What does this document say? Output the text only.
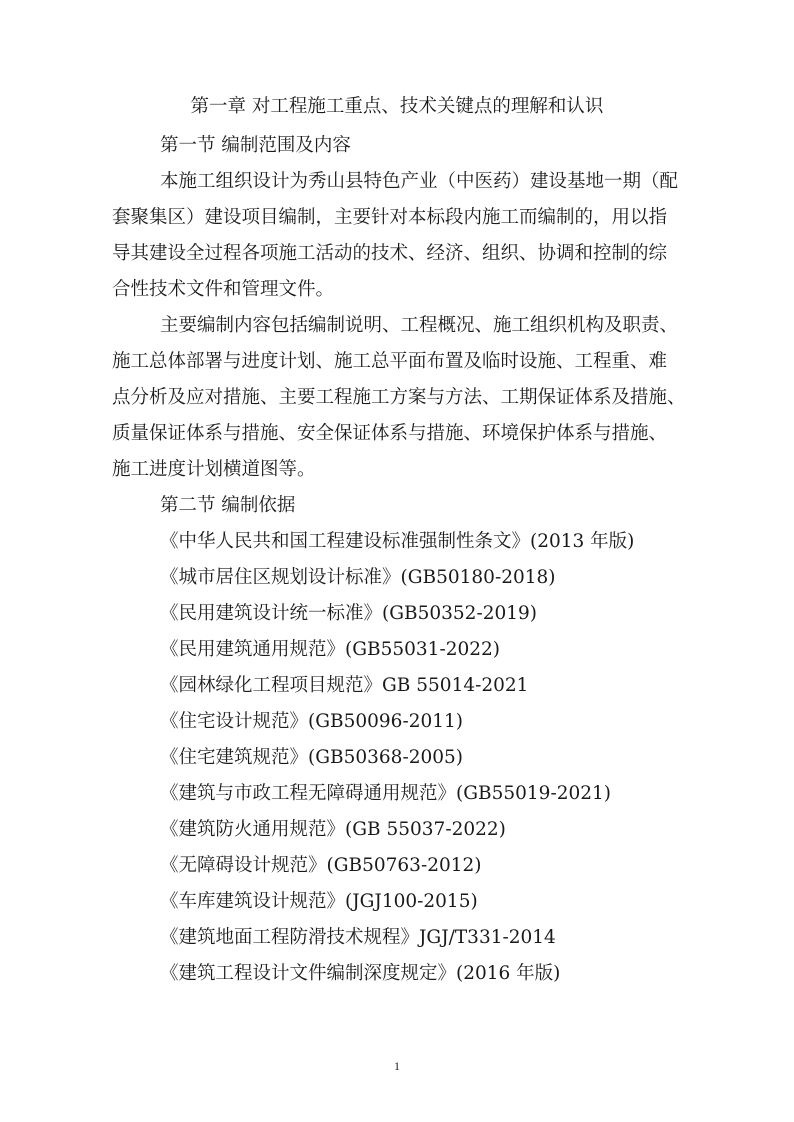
第一章 对工程施工重点、技术关键点的理解和认识
第一节 编制范围及内容
本施工组织设计为秀山县特色产业（中医药）建设基地一期（配
套聚集区）建设项目编制，主要针对本标段内施工而编制的，用以指
导其建设全过程各项施工活动的技术、经济、组织、协调和控制的综
合性技术文件和管理文件。
主要编制内容包括编制说明、工程概况、施工组织机构及职责、
施工总体部署与进度计划、施工总平面布置及临时设施、工程重、难
点分析及应对措施、主要工程施工方案与方法、工期保证体系及措施、
质量保证体系与措施、安全保证体系与措施、环境保护体系与措施、
施工进度计划横道图等。
第二节 编制依据
《中华人民共和国工程建设标准强制性条文》(2013 年版)
《城市居住区规划设计标准》(GB50180-2018)
《民用建筑设计统一标准》(GB50352-2019)
《民用建筑通用规范》(GB55031-2022)
《园林绿化工程项目规范》GB 55014-2021
《住宅设计规范》(GB50096-2011)
《住宅建筑规范》(GB50368-2005)
《建筑与市政工程无障碍通用规范》(GB55019-2021)
《建筑防火通用规范》(GB 55037-2022)
《无障碍设计规范》(GB50763-2012)
《车库建筑设计规范》(JGJ100-2015)
《建筑地面工程防滑技术规程》JGJ/T331-2014
《建筑工程设计文件编制深度规定》(2016 年版)
1
